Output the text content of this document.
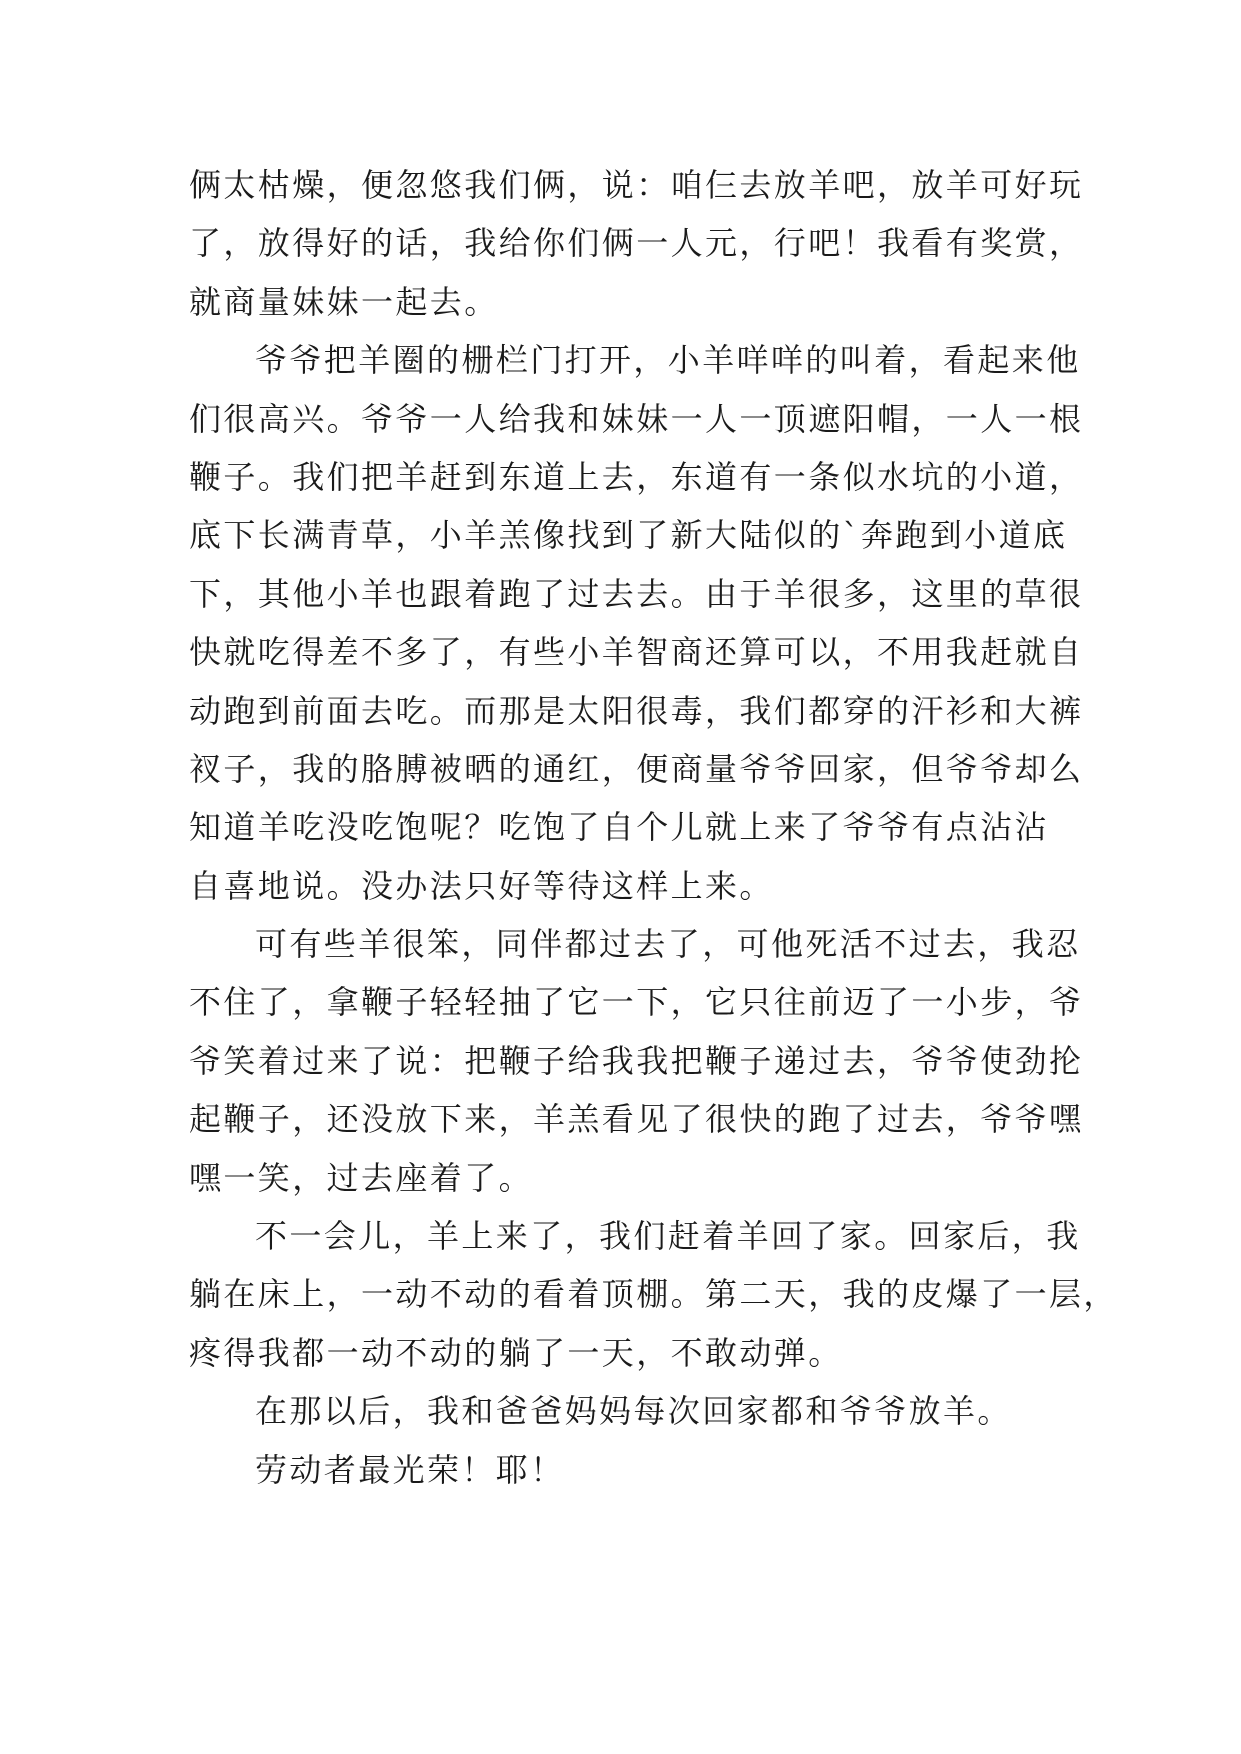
俩太枯燥，便忽悠我们俩，说：咱仨去放羊吧，放羊可好玩
了，放得好的话，我给你们俩一人元，行吧！我看有奖赏，
就商量妹妹一起去。
爷爷把羊圈的栅栏门打开，小羊咩咩的叫着，看起来他
们很高兴。爷爷一人给我和妹妹一人一顶遮阳帽，一人一根
鞭子。我们把羊赶到东道上去，东道有一条似水坑的小道，
底下长满青草，小羊羔像找到了新大陆似的`奔跑到小道底
下，其他小羊也跟着跑了过去去。由于羊很多，这里的草很
快就吃得差不多了，有些小羊智商还算可以，不用我赶就自
动跑到前面去吃。而那是太阳很毒，我们都穿的汗衫和大裤
衩子，我的胳膊被晒的通红，便商量爷爷回家，但爷爷却么
知道羊吃没吃饱呢？吃饱了自个儿就上来了爷爷有点沾沾
自喜地说。没办法只好等待这样上来。
可有些羊很笨，同伴都过去了，可他死活不过去，我忍
不住了，拿鞭子轻轻抽了它一下，它只往前迈了一小步，爷
爷笑着过来了说：把鞭子给我我把鞭子递过去，爷爷使劲抡
起鞭子，还没放下来，羊羔看见了很快的跑了过去，爷爷嘿
嘿一笑，过去座着了。
不一会儿，羊上来了，我们赶着羊回了家。回家后，我
躺在床上，一动不动的看着顶棚。第二天，我的皮爆了一层，
疼得我都一动不动的躺了一天，不敢动弹。
在那以后，我和爸爸妈妈每次回家都和爷爷放羊。
劳动者最光荣！耶！
